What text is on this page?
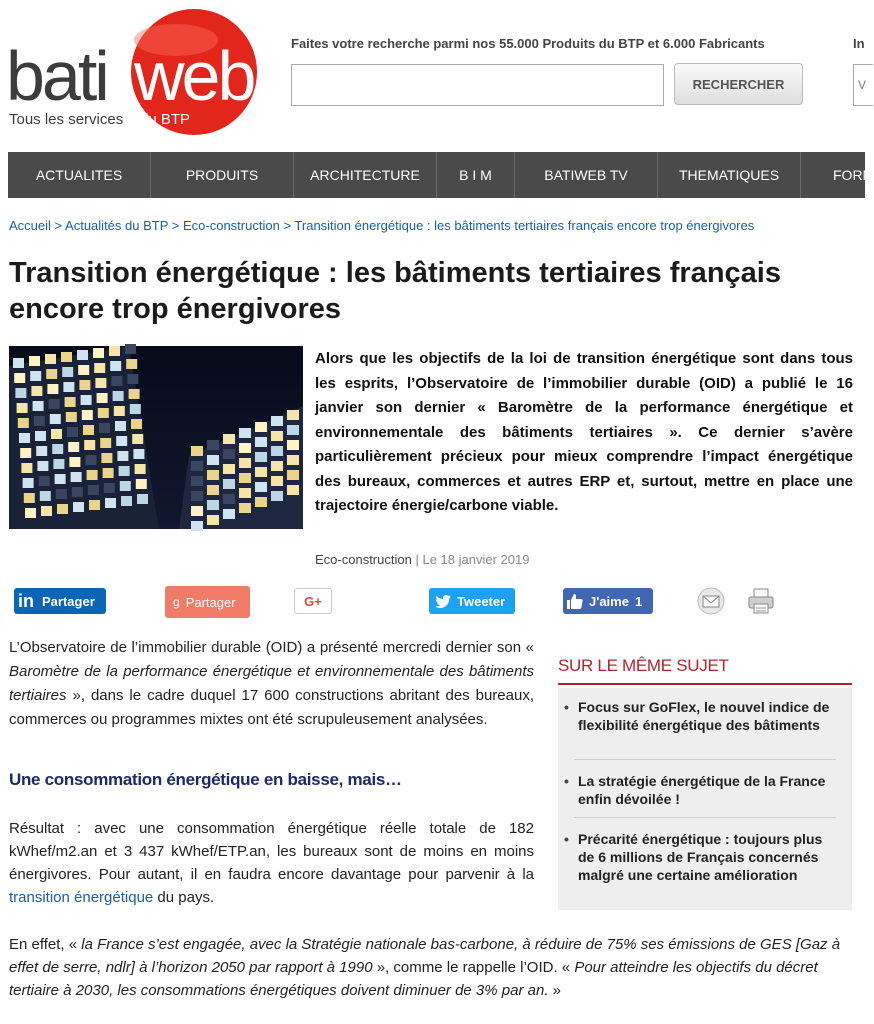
bati web
Tous les services du BTP
Faites votre recherche parmi nos 55.000 Produits du BTP et 6.000 Fabricants
RECHERCHER
In
V
ACTUALITES	PRODUITS	ARCHITECTURE	B I M	BATIWEB TV	THEMATIQUES	FORM
Accueil > Actualités du BTP > Eco-construction > Transition énergétique : les bâtiments tertiaires français encore trop énergivores
Transition énergétique : les bâtiments tertiaires français encore trop énergivores
Alors que les objectifs de la loi de transition énergétique sont dans tous les esprits, l’Observatoire de l’immobilier durable (OID) a publié le 16 janvier son dernier « Baromètre de la performance énergétique et environnementale des bâtiments tertiaires ». Ce dernier s’avère particulièrement précieux pour mieux comprendre l’impact énergétique des bureaux, commerces et autres ERP et, surtout, mettre en place une trajectoire énergie/carbone viable.
Eco-construction | Le 18 janvier 2019
in Partager	g Partager	G+	Tweeter	J'aime 1
L’Observatoire de l’immobilier durable (OID) a présenté mercredi dernier son « Baromètre de la performance énergétique et environnementale des bâtiments tertiaires », dans le cadre duquel 17 600 constructions abritant des bureaux, commerces ou programmes mixtes ont été scrupuleusement analysées.
Une consommation énergétique en baisse, mais…
Résultat : avec une consommation énergétique réelle totale de 182 kWhef/m2.an et 3 437 kWhef/ETP.an, les bureaux sont de moins en moins énergivores. Pour autant, il en faudra encore davantage pour parvenir à la transition énergétique du pays.
En effet, « la France s’est engagée, avec la Stratégie nationale bas-carbone, à réduire de 75% ses émissions de GES [Gaz à effet de serre, ndlr] à l’horizon 2050 par rapport à 1990 », comme le rappelle l’OID. « Pour atteindre les objectifs du décret tertiaire à 2030, les consommations énergétiques doivent diminuer de 3% par an. »
SUR LE MÊME SUJET
• Focus sur GoFlex, le nouvel indice de flexibilité énergétique des bâtiments
• La stratégie énergétique de la France enfin dévoilée !
• Précarité énergétique : toujours plus de 6 millions de Français concernés malgré une certaine amélioration
